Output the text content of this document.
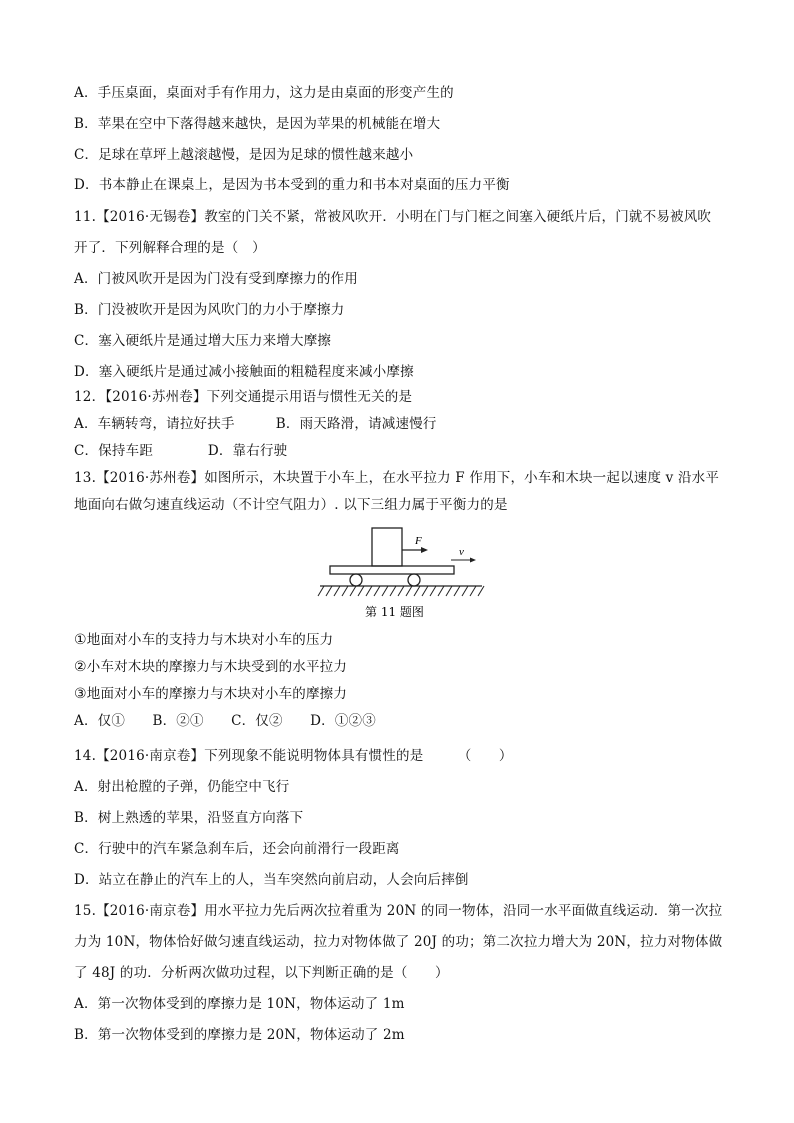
A．手压桌面，桌面对手有作用力，这力是由桌面的形变产生的
B．苹果在空中下落得越来越快，是因为苹果的机械能在增大
C．足球在草坪上越滚越慢，是因为足球的惯性越来越小
D．书本静止在课桌上，是因为书本受到的重力和书本对桌面的压力平衡
11.【2016·无锡卷】教室的门关不紧，常被风吹开．小明在门与门框之间塞入硬纸片后，门就不易被风吹
开了．下列解释合理的是（　）
A．门被风吹开是因为门没有受到摩擦力的作用
B．门没被吹开是因为风吹门的力小于摩擦力
C．塞入硬纸片是通过增大压力来增大摩擦
D．塞入硬纸片是通过减小接触面的粗糙程度来减小摩擦
12．【2016·苏州卷】下列交通提示用语与惯性无关的是
A．车辆转弯，请拉好扶手　　　B．雨天路滑，请减速慢行
C．保持车距　　　　D．靠右行驶
13.【2016·苏州卷】如图所示，木块置于小车上，在水平拉力 F 作用下，小车和木块一起以速度 v 沿水平
地面向右做匀速直线运动（不计空气阻力）. 以下三组力属于平衡力的是
F
v
第 11 题图
①地面对小车的支持力与木块对小车的压力
②小车对木块的摩擦力与木块受到的水平拉力
③地面对小车的摩擦力与木块对小车的摩擦力
A．仅①　　B．②①　　C．仅②　　D．①②③
14.【2016·南京卷】下列现象不能说明物体具有惯性的是　　　（　　）
A．射出枪膛的子弹，仍能空中飞行
B．树上熟透的苹果，沿竖直方向落下
C．行驶中的汽车紧急刹车后，还会向前滑行一段距离
D．站立在静止的汽车上的人，当车突然向前启动，人会向后摔倒
15.【2016·南京卷】用水平拉力先后两次拉着重为 20N 的同一物体，沿同一水平面做直线运动．第一次拉
力为 10N，物体恰好做匀速直线运动，拉力对物体做了 20J 的功；第二次拉力增大为 20N，拉力对物体做
了 48J 的功．分析两次做功过程，以下判断正确的是（　　）
A．第一次物体受到的摩擦力是 10N，物体运动了 1m
B．第一次物体受到的摩擦力是 20N，物体运动了 2m
